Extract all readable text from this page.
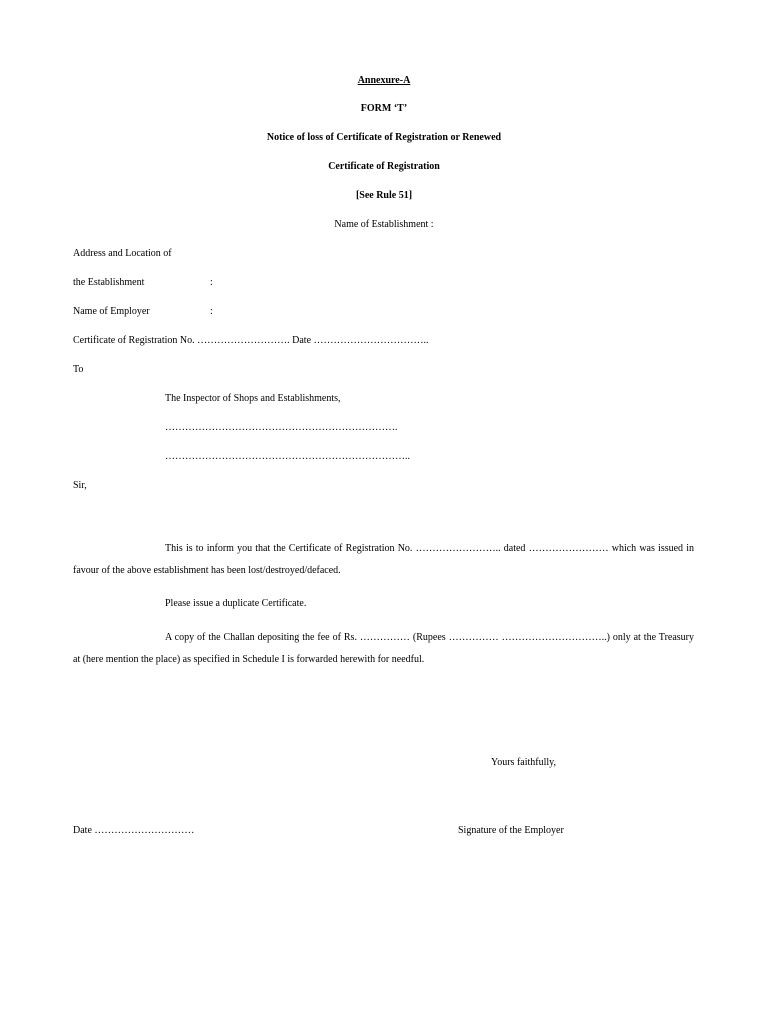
Annexure-A
FORM ‘T’
Notice of loss of Certificate of Registration or Renewed
Certificate of Registration
[See Rule 51]
Name of Establishment :
Address and Location of
the Establishment	:
Name of Employer	:
Certificate of Registration No. ………………………. Date ……………………………..
To
The Inspector of Shops and Establishments,
…………………………………………………………….
………………………………………………………………..
Sir,
This is to inform you that the Certificate of Registration No. …………………….. dated …………………… which was issued in favour of the above establishment has been lost/destroyed/defaced.
Please issue a duplicate Certificate.
A copy of the Challan depositing the fee of Rs. …………… (Rupees …………… …………………………..) only at the Treasury at (here mention the place) as specified in Schedule I is forwarded herewith for needful.
Yours faithfully,
Date …………………………	Signature of the Employer
